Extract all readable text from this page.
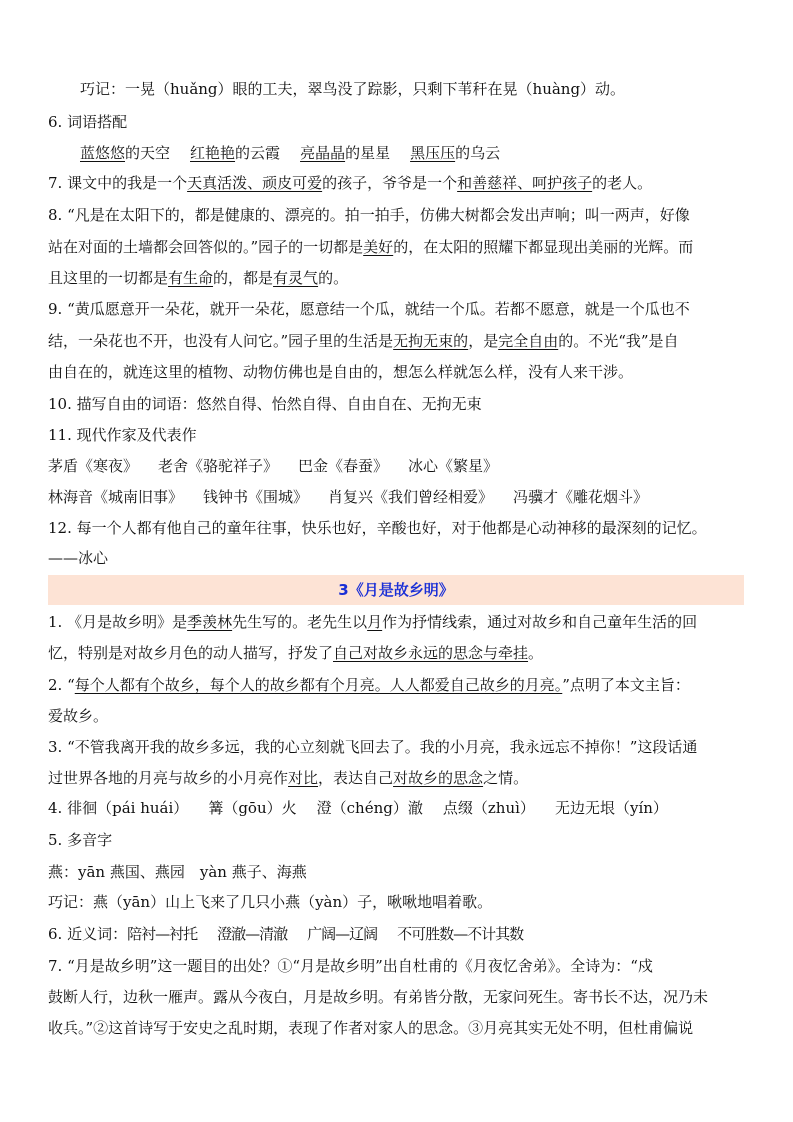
巧记：一晃（huǎng）眼的工夫，翠鸟没了踪影，只剩下苇秆在晃（huàng）动。
6. 词语搭配
蓝悠悠的天空 红艳艳的云霞 亮晶晶的星星 黑压压的乌云
7. 课文中的我是一个天真活泼、顽皮可爱的孩子，爷爷是一个和善慈祥、呵护孩子的老人。
8. “凡是在太阳下的，都是健康的、漂亮的。拍一拍手，仿佛大树都会发出声响；叫一两声，好像
站在对面的土墙都会回答似的。”园子的一切都是美好的，在太阳的照耀下都显现出美丽的光辉。而
且这里的一切都是有生命的，都是有灵气的。
9. “黄瓜愿意开一朵花，就开一朵花，愿意结一个瓜，就结一个瓜。若都不愿意，就是一个瓜也不
结，一朵花也不开，也没有人问它。”园子里的生活是无拘无束的，是完全自由的。不光“我”是自
由自在的，就连这里的植物、动物仿佛也是自由的，想怎么样就怎么样，没有人来干涉。
10. 描写自由的词语：悠然自得、怡然自得、自由自在、无拘无束
11. 现代作家及代表作
茅盾《寒夜》 老舍《骆驼祥子》 巴金《春蚕》 冰心《繁星》
林海音《城南旧事》 钱钟书《围城》 肖复兴《我们曾经相爱》 冯骥才《雕花烟斗》
12. 每一个人都有他自己的童年往事，快乐也好，辛酸也好，对于他都是心动神移的最深刻的记忆。
——冰心
3《月是故乡明》
1. 《月是故乡明》是季羡林先生写的。老先生以月作为抒情线索，通过对故乡和自己童年生活的回
忆，特别是对故乡月色的动人描写，抒发了自己对故乡永远的思念与牵挂。
2. “每个人都有个故乡，每个人的故乡都有个月亮。人人都爱自己故乡的月亮。”点明了本文主旨：
爱故乡。
3. “不管我离开我的故乡多远，我的心立刻就飞回去了。我的小月亮，我永远忘不掉你！”这段话通
过世界各地的月亮与故乡的小月亮作对比，表达自己对故乡的思念之情。
4. 徘徊（pái huái） 篝（gōu）火 澄（chéng）澈 点缀（zhuì） 无边无垠（yín）
5. 多音字
燕：yān 燕国、燕园　yàn 燕子、海燕
巧记：燕（yān）山上飞来了几只小燕（yàn）子，啾啾地唱着歌。
6. 近义词：陪衬—衬托 澄澈—清澈 广阔—辽阔 不可胜数—不计其数
7. “月是故乡明”这一题目的出处？①“月是故乡明”出自杜甫的《月夜忆舍弟》。全诗为：“戍
鼓断人行，边秋一雁声。露从今夜白，月是故乡明。有弟皆分散，无家问死生。寄书长不达，况乃未
收兵。”②这首诗写于安史之乱时期，表现了作者对家人的思念。③月亮其实无处不明，但杜甫偏说
